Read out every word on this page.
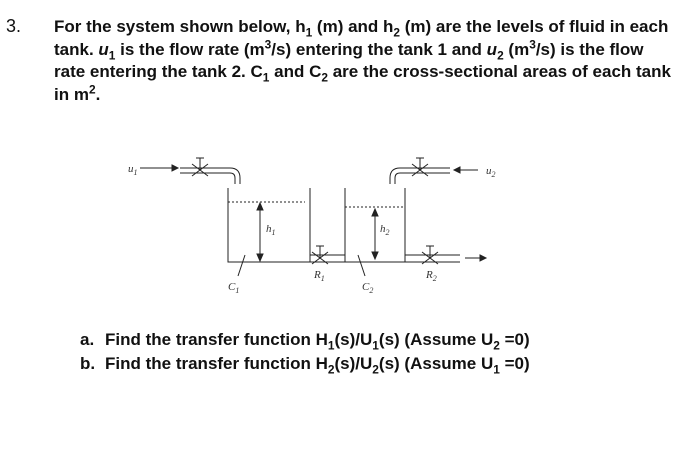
3. For the system shown below, $h_1$ (m) and $h_2$ (m) are the levels of fluid in each
tank. $u_1$ is the flow rate $(m^3/s)$ entering the tank 1 and $u_2$ $(m^3/s)$ is the flow
rate entering the tank 2. $C_1$ and $C_2$ are the cross-sectional areas of each tank
in $m^2$.
$u_1$	$u_2$
$h_1$	$h_2$
$R_1$	$R_2$
$C_1$	$C_2$
a. Find the transfer function $H_1(s)/U_1(s)$ (Assume $U_2 =0$)
b. Find the transfer function $H_2(s)/U_2(s)$ (Assume $U_1 =0$)
